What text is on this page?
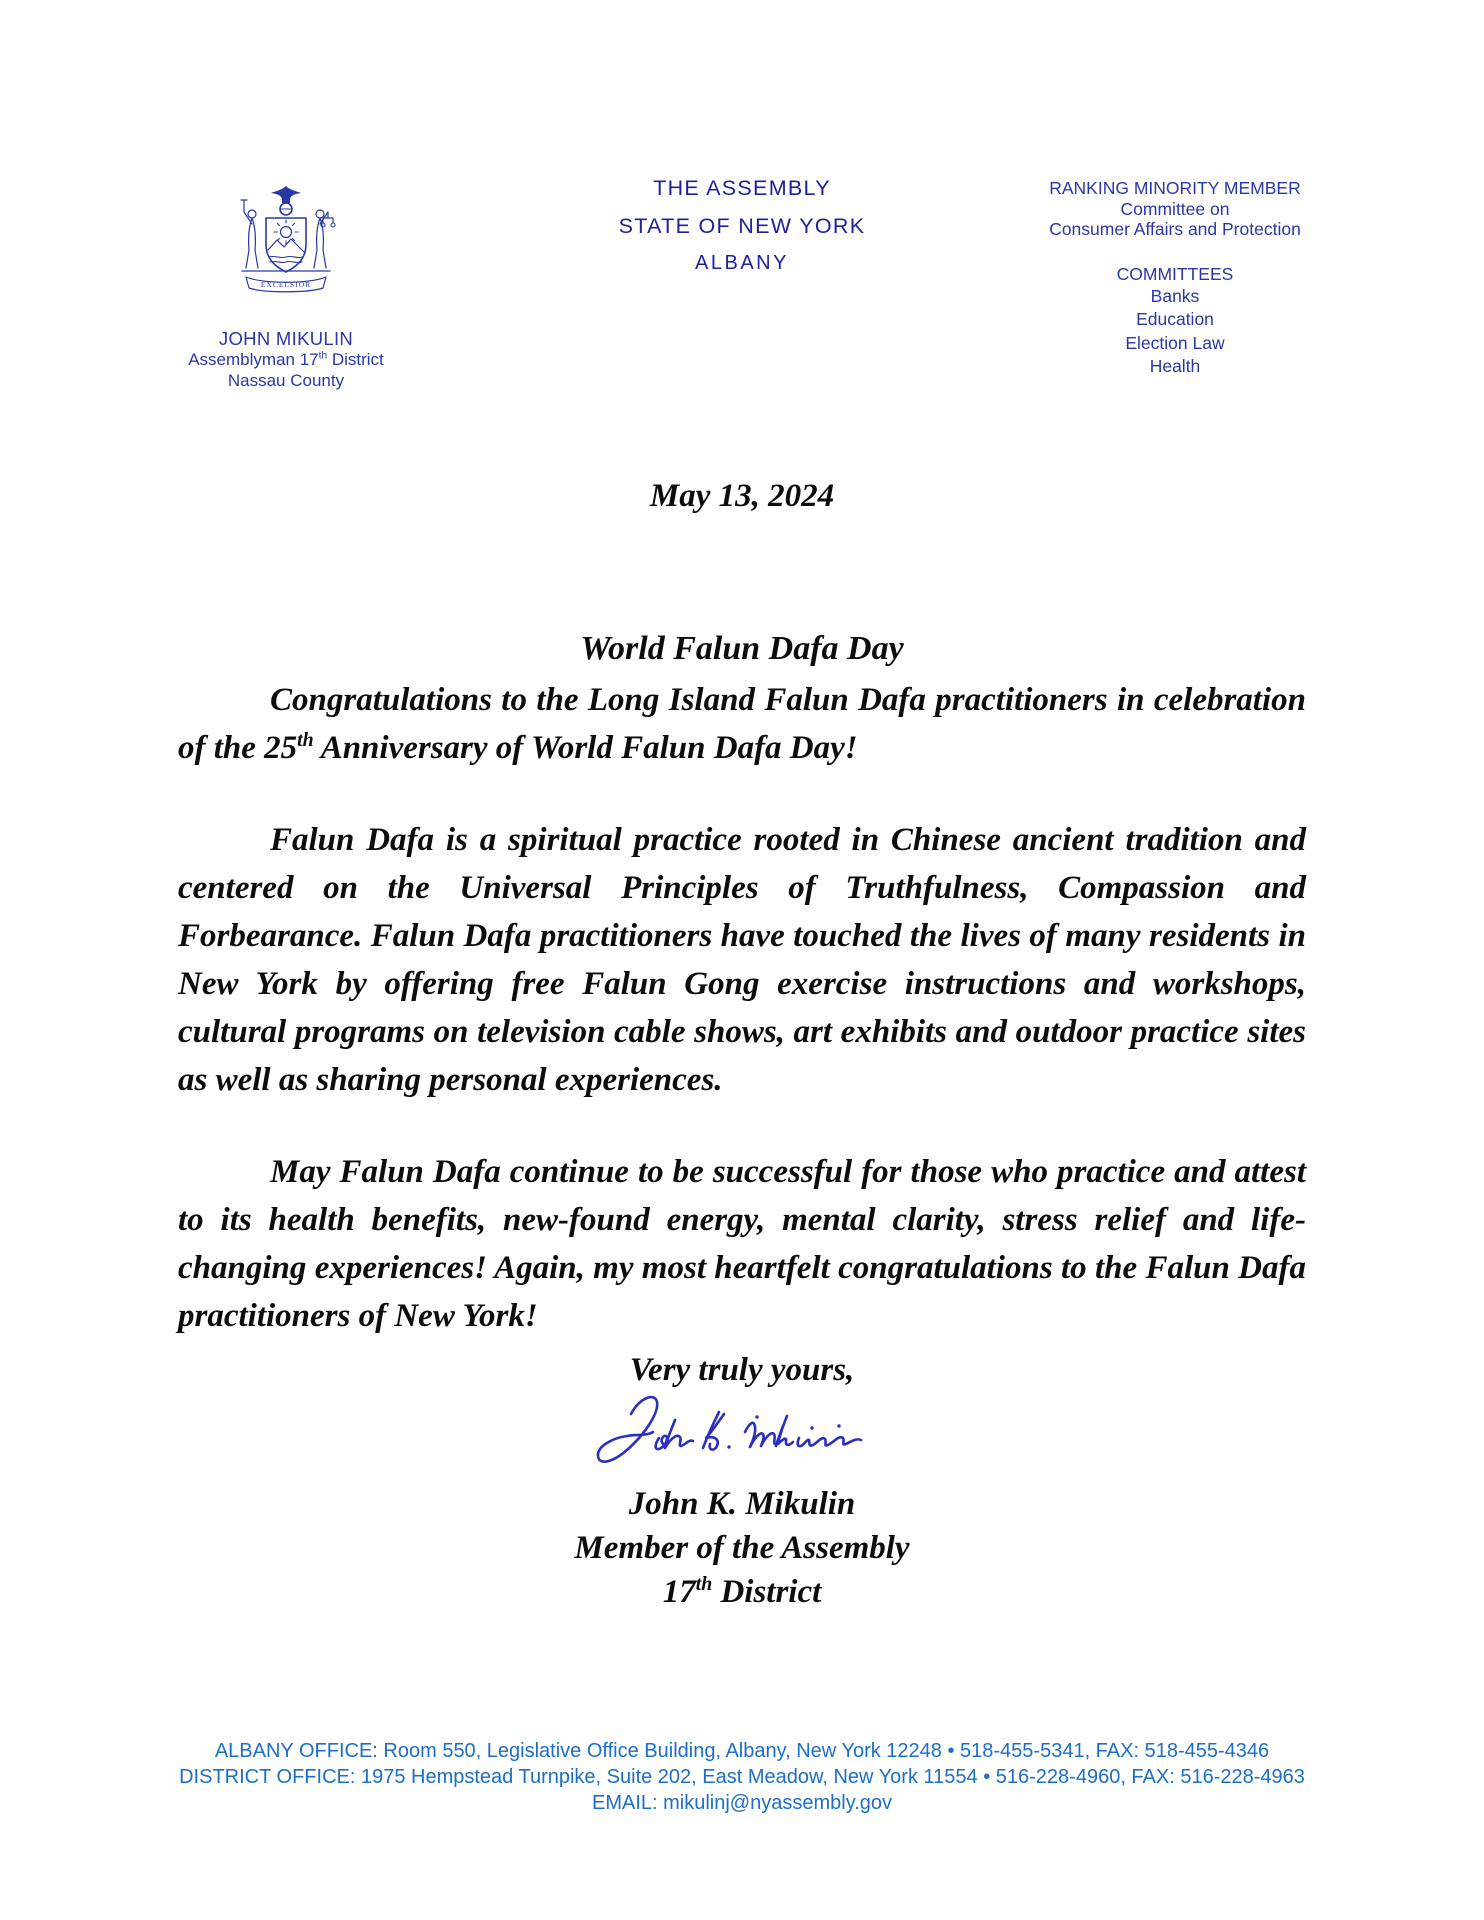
EXCELSIOR
JOHN MIKULIN
Assemblyman 17th District
Nassau County
THE ASSEMBLY
STATE OF NEW YORK
ALBANY
RANKING MINORITY MEMBER
Committee on
Consumer Affairs and Protection
COMMITTEES
Banks
Education
Election Law
Health
May 13, 2024
World Falun Dafa Day

Congratulations to the Long Island Falun Dafa practitioners in celebration of the 25th Anniversary of World Falun Dafa Day!

Falun Dafa is a spiritual practice rooted in Chinese ancient tradition and centered on the Universal Principles of Truthfulness, Compassion and Forbearance. Falun Dafa practitioners have touched the lives of many residents in New York by offering free Falun Gong exercise instructions and workshops, cultural programs on television cable shows, art exhibits and outdoor practice sites as well as sharing personal experiences.

May Falun Dafa continue to be successful for those who practice and attest to its health benefits, new-found energy, mental clarity, stress relief and life-changing experiences! Again, my most heartfelt congratulations to the Falun Dafa practitioners of New York!

Very truly yours,
John K. Mikulin
Member of the Assembly
17th District
ALBANY OFFICE: Room 550, Legislative Office Building, Albany, New York 12248 • 518-455-5341, FAX: 518-455-4346
DISTRICT OFFICE: 1975 Hempstead Turnpike, Suite 202, East Meadow, New York 11554 • 516-228-4960, FAX: 516-228-4963
EMAIL: mikulinj@nyassembly.gov
